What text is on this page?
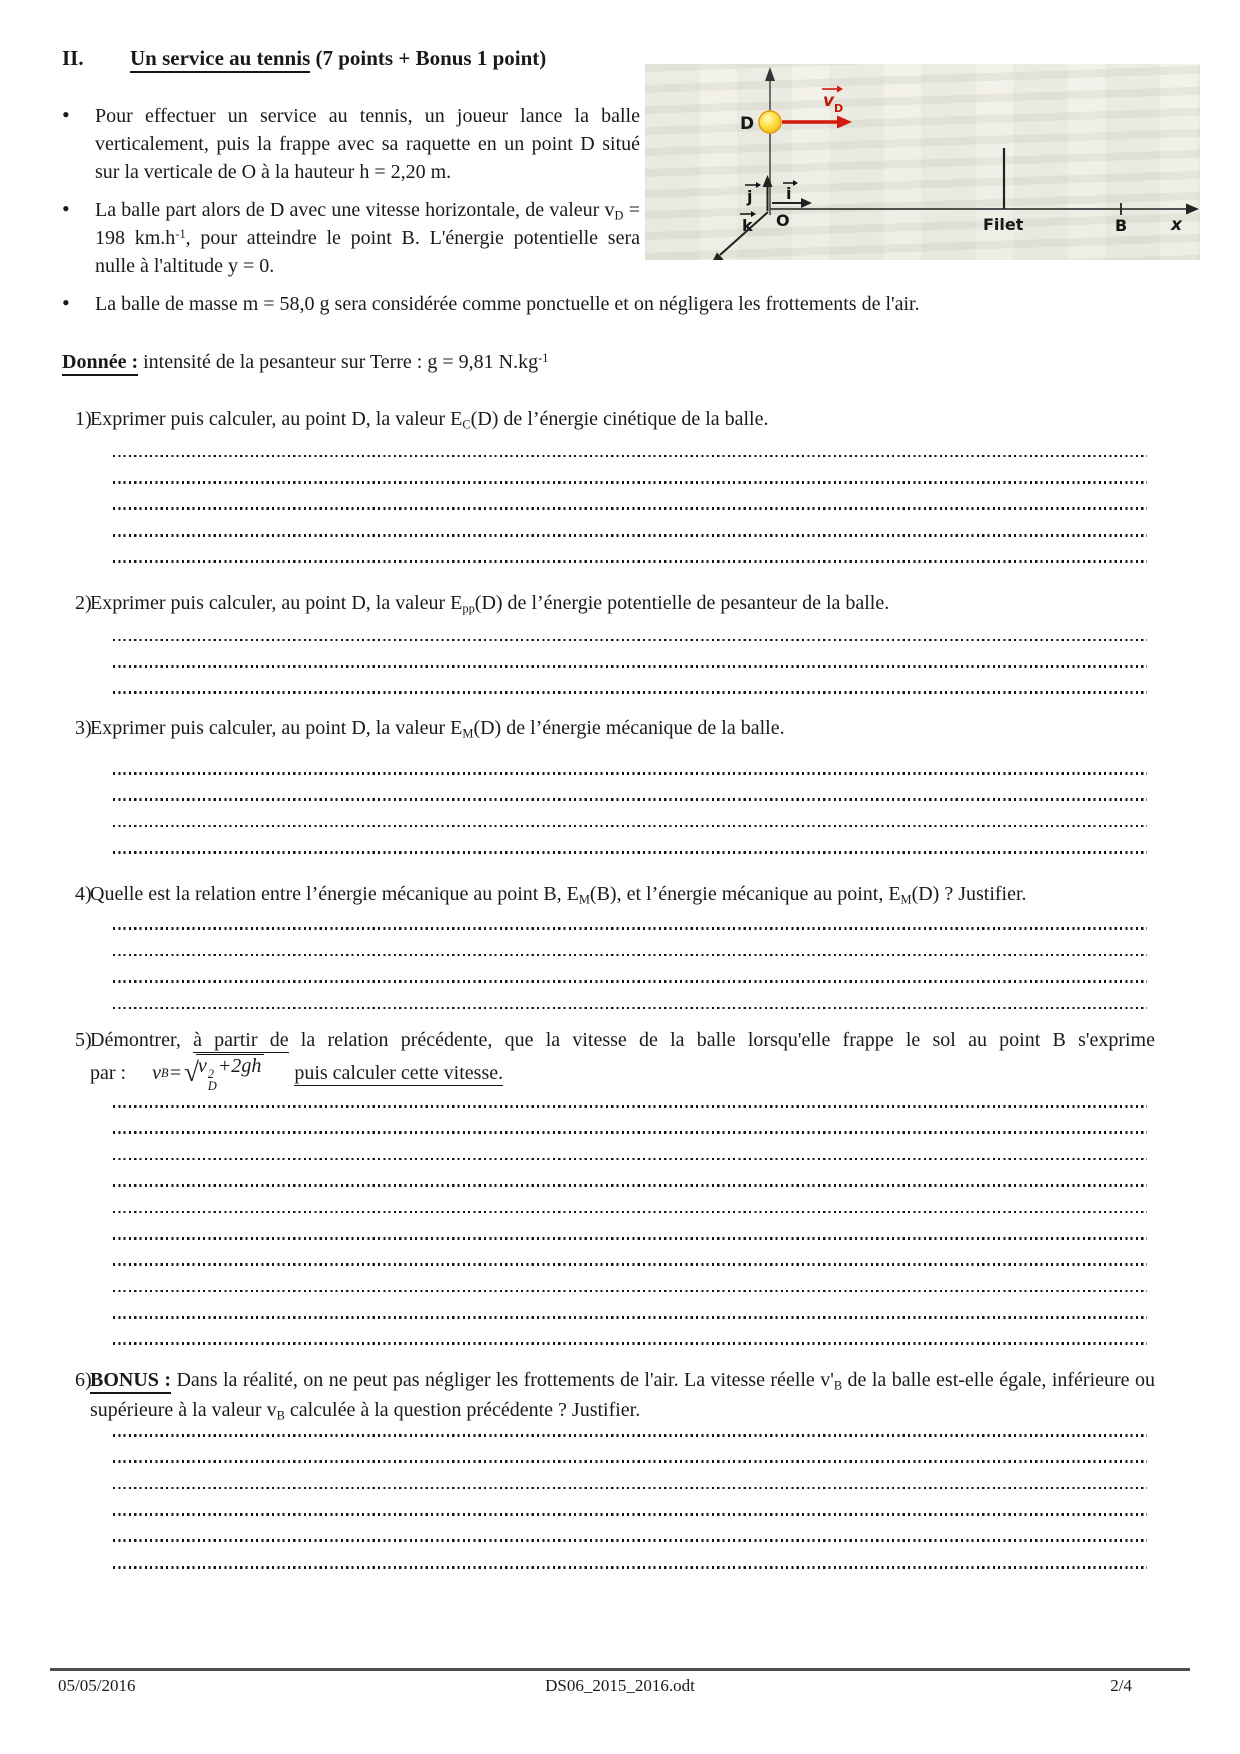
v D
D
j i
k O	Filet	B	x
II. Un service au tennis (7 points + Bonus 1 point)
• Pour effectuer un service au tennis, un joueur lance la balle verticalement, puis la frappe avec sa raquette en un point D situé sur la verticale de O à la hauteur h = 2,20 m.
• La balle part alors de D avec une vitesse horizontale, de valeur $v_D = 198$ $km.h^{-1}$, pour atteindre le point B. L'énergie potentielle sera nulle à l'altitude y = 0.
• La balle de masse m = 58,0 g sera considérée comme ponctuelle et on négligera les frottements de l'air.
Donnée : intensité de la pesanteur sur Terre : g = 9,81 $N.kg^{-1}$
1)
Exprimer puis calculer, au point D, la valeur $E_C(D)$ de l’énergie cinétique de la balle.
2)
Exprimer puis calculer, au point D, la valeur $E_{pp}(D)$ de l’énergie potentielle de pesanteur de la balle.
3)
Exprimer puis calculer, au point D, la valeur $E_M(D)$ de l’énergie mécanique de la balle.
4)
Quelle est la relation entre l’énergie mécanique au point B, $E_M(B)$, et l’énergie mécanique au point, $E_M(D)$ ? Justifier.
5)
Démontrer, à partir de la relation précédente, que la vitesse de la balle lorsqu'elle frappe le sol au point B s'exprime
par : v B = √ v 2
D
+2gh puis calculer cette vitesse.
6)
BONUS : Dans la réalité, on ne peut pas négliger les frottements de l'air. La vitesse réelle $v'_B$ de la balle est-elle égale, inférieure ou supérieure à la valeur $v_B$ calculée à la question précédente ? Justifier.
05/05/2016	DS06_2015_2016.odt	2/4
